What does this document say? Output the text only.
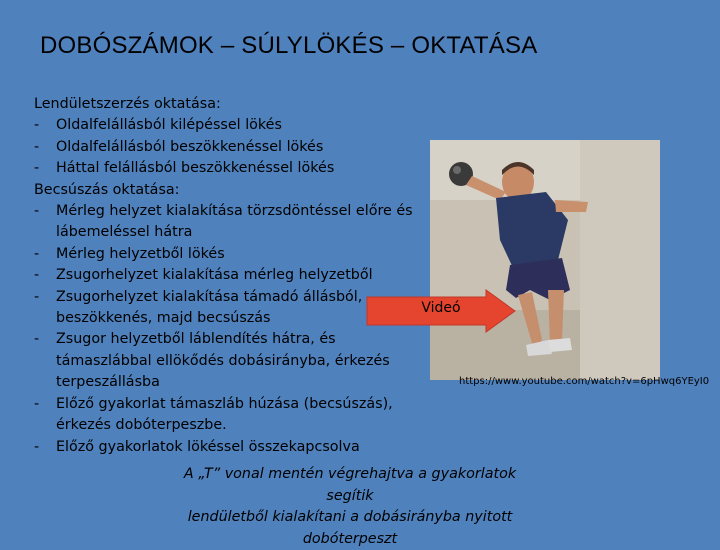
DOBÓSZÁMOK – SÚLYLÖKÉS – OKTATÁSA
Lendületszerzés oktatása:
- Oldalfelállásból kilépéssel lökés
- Oldalfelállásból beszökkenéssel lökés
- Háttal felállásból beszökkenéssel lökés
Becsúszás oktatása:
- Mérleg helyzet kialakítása törzsdöntéssel előre és
lábemeléssel hátra
- Mérleg helyzetből lökés
- Zsugorhelyzet kialakítása mérleg helyzetből
- Zsugorhelyzet kialakítása támadó állásból,
beszökkenés, majd becsúszás
- Zsugor helyzetből láblendítés hátra, és
támaszlábbal ellökődés dobásirányba, érkezés
terpeszállásba
- Előző gyakorlat támaszláb húzása (becsúszás),
érkezés dobóterpeszbe.
- Előző gyakorlatok lökéssel összekapcsolva
Videó
https://www.youtube.com/watch?v=6pHwq6YEyI0
A „T” vonal mentén végrehajtva a gyakorlatok segítik
lendületből kialakítani a dobásirányba nyitott
dobóterpeszt
